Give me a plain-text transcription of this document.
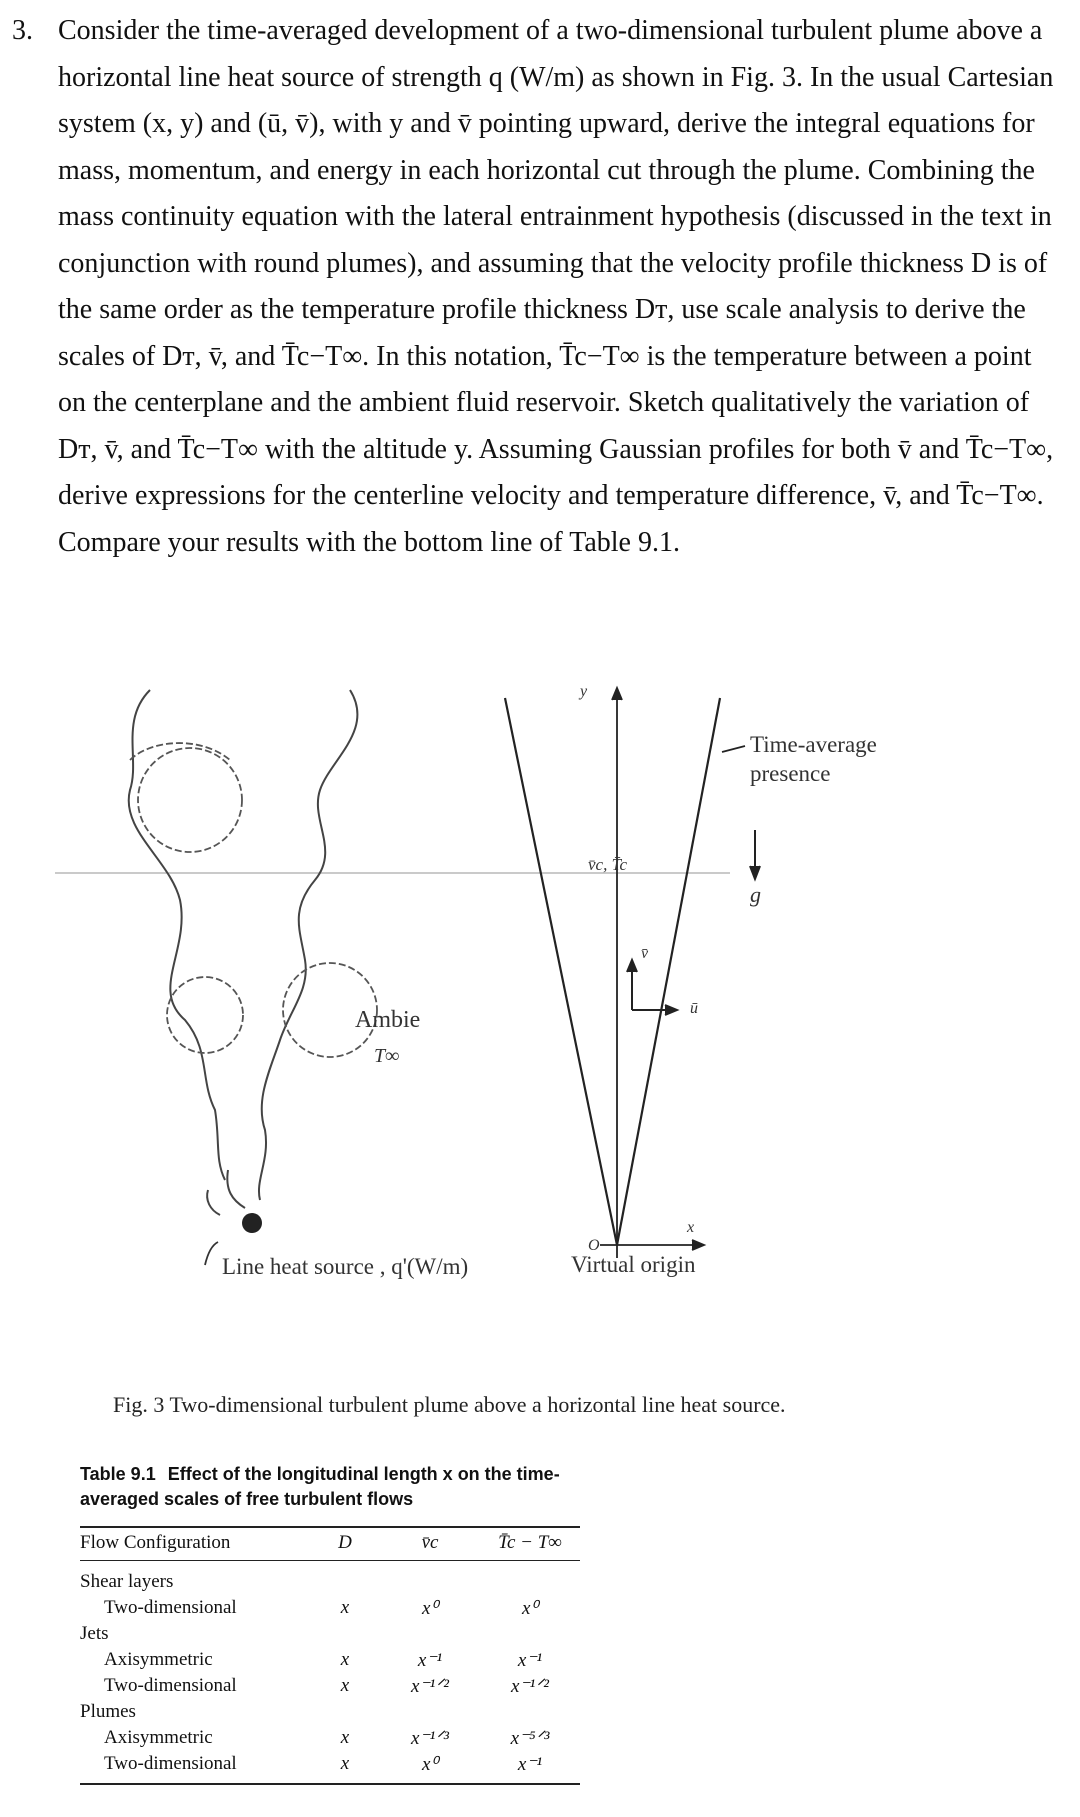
3. Consider the time-averaged development of a two-dimensional turbulent plume above a horizontal line heat source of strength q (W/m) as shown in Fig. 3. In the usual Cartesian system (x, y) and (ū, v̄), with y and v̄ pointing upward, derive the integral equations for mass, momentum, and energy in each horizontal cut through the plume. Combining the mass continuity equation with the lateral entrainment hypothesis (discussed in the text in conjunction with round plumes), and assuming that the velocity profile thickness D is of the same order as the temperature profile thickness Dᴛ, use scale analysis to derive the scales of Dᴛ, v̄, and T̄c−T∞. In this notation, T̄c−T∞ is the temperature between a point on the centerplane and the ambient fluid reservoir. Sketch qualitatively the variation of Dᴛ, v̄, and T̄c−T∞ with the altitude y. Assuming Gaussian profiles for both v̄ and T̄c−T∞, derive expressions for the centerline velocity and temperature difference, v̄, and T̄c−T∞. Compare your results with the bottom line of Table 9.1.
y
v̄c, T̄c
v̄
ū
x
O
Time-average
presence
g
Ambie
T∞
Line heat source , q'(W/m)	Virtual origin
Fig. 3 Two-dimensional turbulent plume above a horizontal line heat source.
Table 9.1 Effect of the longitudinal length x on the time-averaged scales of free turbulent flows
Flow Configuration	D	v̄c	T̄c − T∞
Shear layers			
Two-dimensional	x	x⁰	x⁰
Jets			
Axisymmetric	x	x⁻¹	x⁻¹
Two-dimensional	x	x⁻¹ᐟ²	x⁻¹ᐟ²
Plumes			
Axisymmetric	x	x⁻¹ᐟ³	x⁻⁵ᐟ³
Two-dimensional	x	x⁰	x⁻¹
